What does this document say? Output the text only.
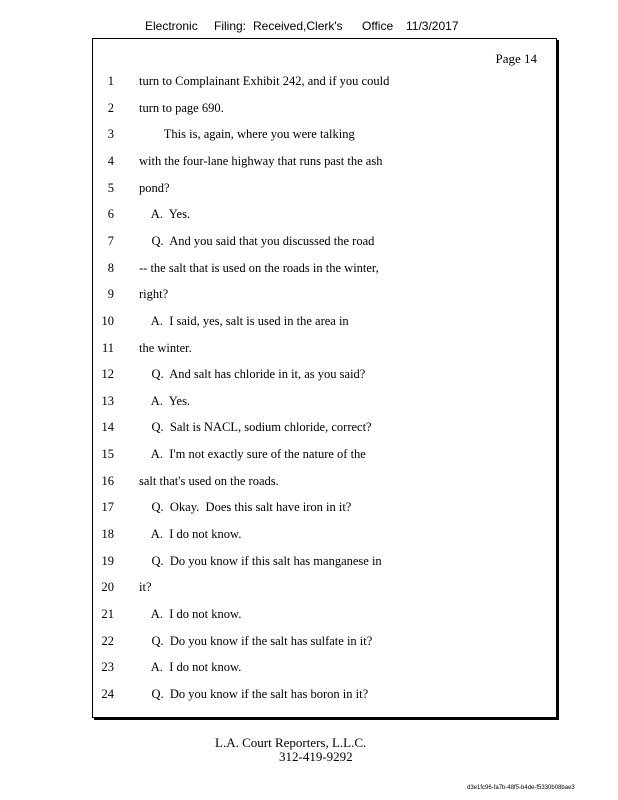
Electronic Filing: Received,Clerk's Office 11/3/2017
Page 14
1 turn to Complainant Exhibit 242, and if you could
2 turn to page 690.
3 This is, again, where you were talking
4 with the four-lane highway that runs past the ash
5 pond?
6 A.  Yes.
7 Q.  And you said that you discussed the road
8 -- the salt that is used on the roads in the winter,
9 right?
10 A.  I said, yes, salt is used in the area in
11 the winter.
12 Q.  And salt has chloride in it, as you said?
13 A.  Yes.
14 Q.  Salt is NACL, sodium chloride, correct?
15 A.  I'm not exactly sure of the nature of the
16 salt that's used on the roads.
17 Q.  Okay.  Does this salt have iron in it?
18 A.  I do not know.
19 Q.  Do you know if this salt has manganese in
20 it?
21 A.  I do not know.
22 Q.  Do you know if the salt has sulfate in it?
23 A.  I do not know.
24 Q.  Do you know if the salt has boron in it?
L.A. Court Reporters, L.L.C.
312-419-9292
d3e1fc96-fa7b-48f5-b4de-f5330b08bae3
